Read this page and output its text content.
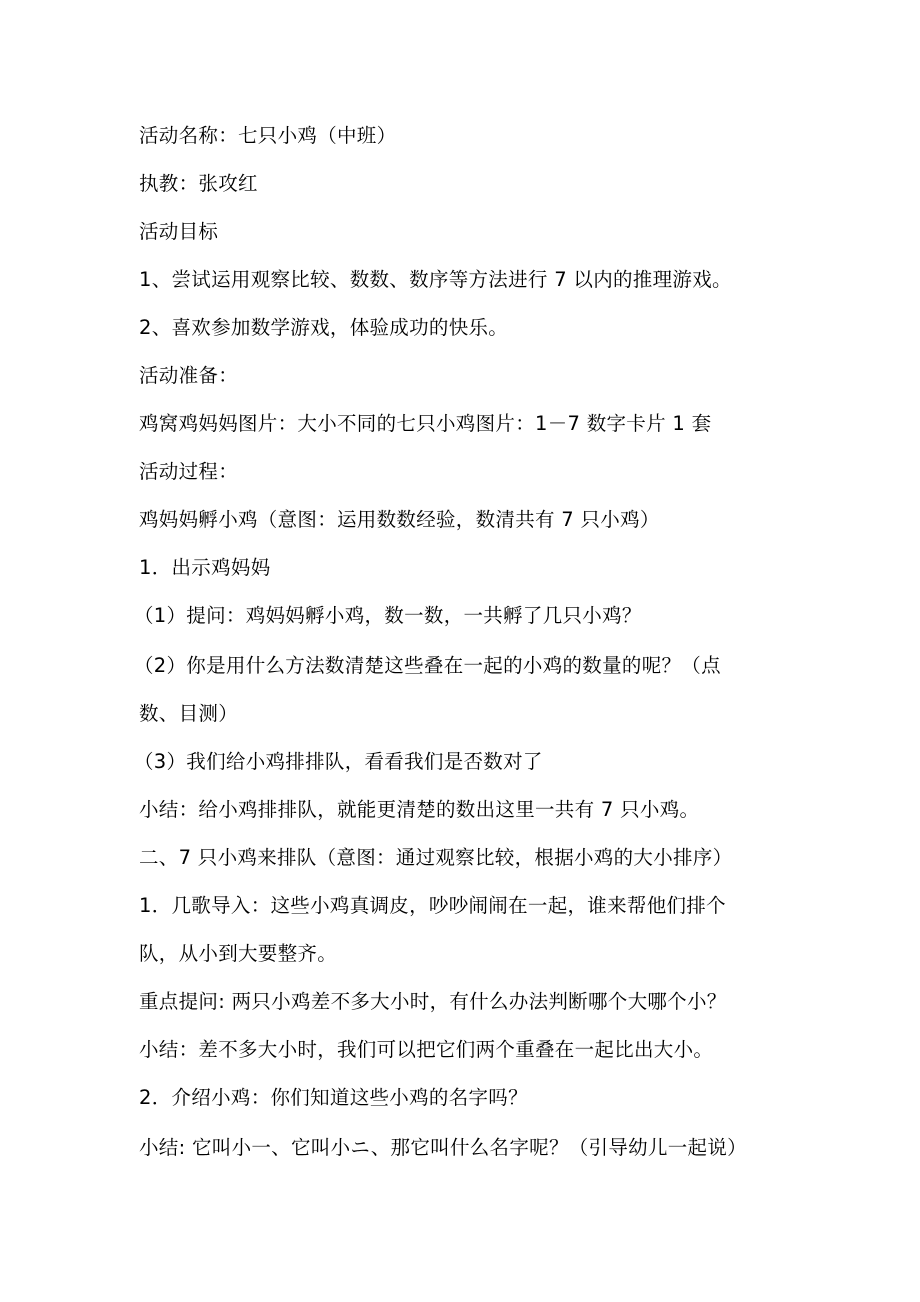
活动名称：七只小鸡（中班）
执教：张攻红
活动目标
1、尝试运用观察比较、数数、数序等方法进行 7 以内的推理游戏。
2、喜欢参加数学游戏，体验成功的快乐。
活动准备：
鸡窝鸡妈妈图片：大小不同的七只小鸡图片：1－7 数字卡片 1 套
活动过程：
鸡妈妈孵小鸡（意图：运用数数经验，数清共有 7 只小鸡）
1．出示鸡妈妈
（1）提问：鸡妈妈孵小鸡，数一数，一共孵了几只小鸡？
（2）你是用什么方法数清楚这些叠在一起的小鸡的数量的呢？（点
数、目测）
（3）我们给小鸡排排队，看看我们是否数对了
小结：给小鸡排排队，就能更清楚的数出这里一共有 7 只小鸡。
二、7 只小鸡来排队（意图：通过观察比较，根据小鸡的大小排序）
1．几歌导入：这些小鸡真调皮，吵吵闹闹在一起，谁来帮他们排个
队，从小到大要整齐。
重点提问: 两只小鸡差不多大小时，有什么办法判断哪个大哪个小？
小结：差不多大小时，我们可以把它们两个重叠在一起比出大小。
2．介绍小鸡：你们知道这些小鸡的名字吗？
小结: 它叫小一、它叫小ニ、那它叫什么名字呢？（引导幼儿一起说）
